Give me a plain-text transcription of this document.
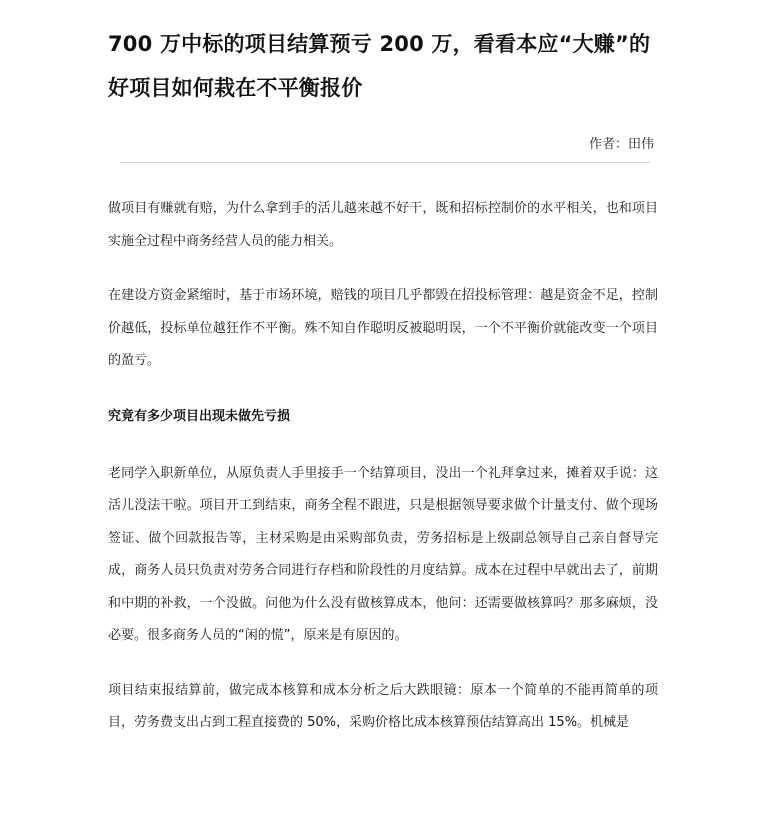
700 万中标的项目结算预亏 200 万，看看本应“大赚”的好项目如何栽在不平衡报价
作者：田伟

做项目有赚就有赔，为什么拿到手的活儿越来越不好干，既和招标控制价的水平相关，也和项目实施全过程中商务经营人员的能力相关。

在建设方资金紧缩时，基于市场环境，赔钱的项目几乎都毁在招投标管理：越是资金不足，控制价越低，投标单位越狂作不平衡。殊不知自作聪明反被聪明误，一个不平衡价就能改变一个项目的盈亏。

究竟有多少项目出现未做先亏损

老同学入职新单位，从原负责人手里接手一个结算项目，没出一个礼拜拿过来，摊着双手说：这活儿没法干啦。项目开工到结束，商务全程不跟进，只是根据领导要求做个计量支付、做个现场签证、做个回款报告等，主材采购是由采购部负责，劳务招标是上级副总领导自己亲自督导完成，商务人员只负责对劳务合同进行存档和阶段性的月度结算。成本在过程中早就出去了，前期和中期的补救，一个没做。问他为什么没有做核算成本，他问：还需要做核算吗？那多麻烦，没必要。很多商务人员的“闲的慌”，原来是有原因的。

项目结束报结算前，做完成本核算和成本分析之后大跌眼镜：原本一个简单的不能再简单的项目，劳务费支出占到工程直接费的 50%，采购价格比成本核算预估结算高出 15%。机械是
